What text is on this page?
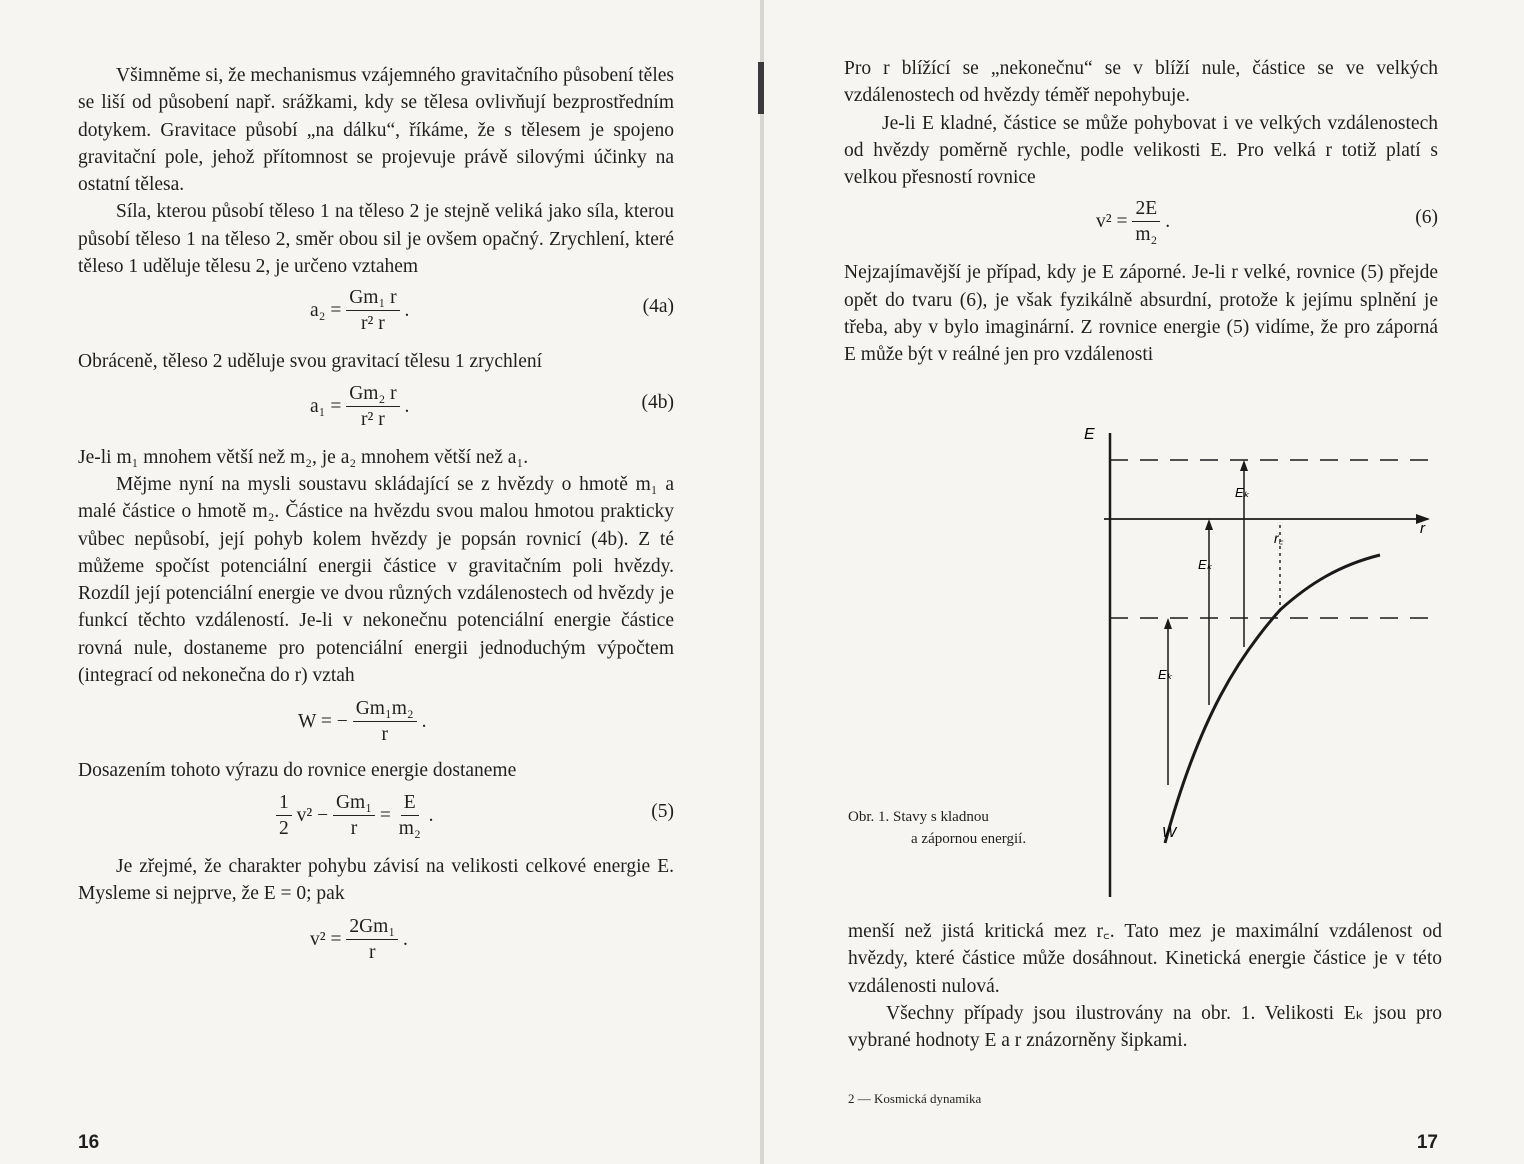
Všimněme si, že mechanismus vzájemného gravitačního působení těles se liší od působení např. srážkami, kdy se tělesa ovlivňují bezprostředním dotykem. Gravitace působí „na dálku“, říkáme, že s tělesem je spojeno gravitační pole, jehož přítomnost se projevuje právě silovými účinky na ostatní tělesa.

Síla, kterou působí těleso 1 na těleso 2 je stejně veliká jako síla, kterou působí těleso 1 na těleso 2, směr obou sil je ovšem opačný. Zrychlení, které těleso 1 uděluje tělesu 2, je určeno vztahem

$a_2 = \frac{\text{Gm₁ r}}{\text{r² r}}$ .	(4a)

Obráceně, těleso 2 uděluje svou gravitací tělesu 1 zrychlení

$a_1 = \frac{\text{Gm₂ r}}{\text{r² r}}$ .	(4b)

Je-li m₁ mnohem větší než m₂, je a₂ mnohem větší než a₁.

Mějme nyní na mysli soustavu skládající se z hvězdy o hmotě m₁ a malé částice o hmotě m₂. Částice na hvězdu svou malou hmotou prakticky vůbec nepůsobí, její pohyb kolem hvězdy je popsán rovnicí (4b). Z té můžeme spočíst potenciální energii částice v gravitačním poli hvězdy. Rozdíl její potenciální energie ve dvou různých vzdálenostech od hvězdy je funkcí těchto vzdáleností. Je-li v nekonečnu potenciální energie částice rovná nule, dostaneme pro potenciální energii jednoduchým výpočtem (integrací od nekonečna do r) vztah

W = − $\frac{\text{Gm₁m₂}}{r}$ .

Dosazením tohoto výrazu do rovnice energie dostaneme

$\frac{1}{2} v^2 - \frac{\text{Gm₁}}{r} = \frac{E}{\text{m₂}}$ .	(5)

Je zřejmé, že charakter pohybu závisí na velikosti celkové energie E. Mysleme si nejprve, že E = 0; pak

$v^2 = \frac{\text{2Gm₁}}{r}$ .
16	17
2 — Kosmická dynamika

Pro r blížící se „nekonečnu“ se v blíží nule, částice se ve velkých vzdálenostech od hvězdy téměř nepohybuje.

Je-li E kladné, částice se může pohybovat i ve velkých vzdálenostech od hvězdy poměrně rychle, podle velikosti E. Pro velká r totiž platí s velkou přesností rovnice

$v^2 = \frac{2E}{\text{m₂}}$ .	(6)

Nejzajímavější je případ, kdy je E záporné. Je-li r velké, rovnice (5) přejde opět do tvaru (6), je však fyzikálně absurdní, protože k jejímu splnění je třeba, aby v bylo imaginární. Z rovnice energie (5) vidíme, že pro záporná E může být v reálné jen pro vzdálenosti

E
r
W
r꜀
Eₖ
Eₖ
Eₖ
Obr. 1. Stavy s kladnou
a zápornou energií.

menší než jistá kritická mez r꜀. Tato mez je maximální vzdálenost od hvězdy, které částice může dosáhnout. Kinetická energie částice je v této vzdálenosti nulová.

Všechny případy jsou ilustrovány na obr. 1. Velikosti Eₖ jsou pro vybrané hodnoty E a r znázorněny šipkami.
